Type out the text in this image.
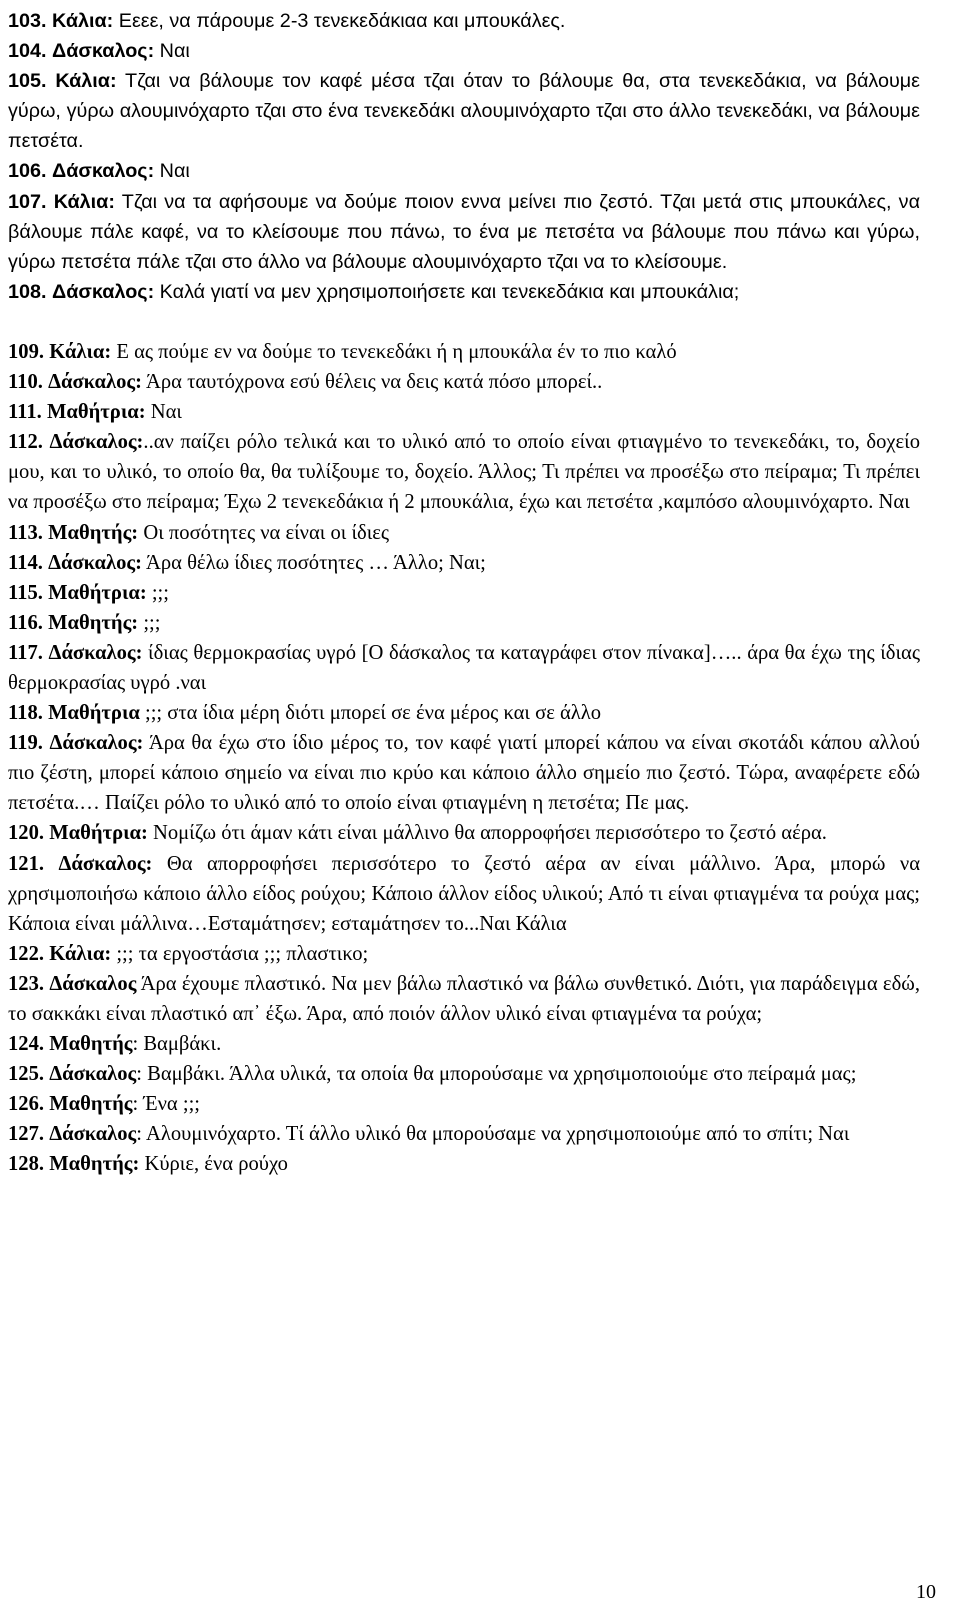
103. Κάλια: Εεεε, να πάρουμε 2-3 τενεκεδάκιαα και μπουκάλες.

104. Δάσκαλος: Ναι

105. Κάλια: Τζαι να βάλουμε τον καφέ μέσα τζαι όταν το βάλουμε θα, στα τενεκεδάκια, να βάλουμε γύρω, γύρω αλουμινόχαρτο τζαι στο ένα τενεκεδάκι αλουμινόχαρτο τζαι στο άλλο τενεκεδάκι, να βάλουμε πετσέτα.

106. Δάσκαλος: Ναι

107. Κάλια: Τζαι να τα αφήσουμε να δούμε ποιον εννα μείνει πιο ζεστό. Τζαι μετά στις μπουκάλες, να βάλουμε πάλε καφέ, να το κλείσουμε που πάνω, το ένα με πετσέτα να βάλουμε που πάνω και γύρω, γύρω πετσέτα πάλε τζαι στο άλλο να βάλουμε αλουμινόχαρτο τζαι να το κλείσουμε.

108. Δάσκαλος: Καλά γιατί να μεν χρησιμοποιήσετε και τενεκεδάκια και μπουκάλια;

109. Κάλια: Ε ας πούμε εν να δούμε το τενεκεδάκι ή η μπουκάλα έν το πιο καλό

110. Δάσκαλος: Άρα ταυτόχρονα εσύ θέλεις να δεις κατά πόσο μπορεί..

111. Μαθήτρια: Ναι

112. Δάσκαλος:..αν παίζει ρόλο τελικά και το υλικό από το οποίο είναι φτιαγμένο το τενεκεδάκι, το, δοχείο μου, και το υλικό, το οποίο θα, θα τυλίξουμε το, δοχείο. Άλλος; Τι πρέπει να προσέξω στο πείραμα; Τι πρέπει να προσέξω στο πείραμα; Έχω 2 τενεκεδάκια ή 2 μπουκάλια, έχω και πετσέτα ,καμπόσο αλουμινόχαρτο. Ναι

113. Μαθητής: Οι ποσότητες να είναι οι ίδιες

114. Δάσκαλος: Άρα θέλω ίδιες ποσότητες … Άλλο; Ναι;

115. Μαθήτρια: ;;;

116. Μαθητής: ;;;

117. Δάσκαλος: ίδιας θερμοκρασίας υγρό [Ο δάσκαλος τα καταγράφει στον πίνακα]….. άρα θα έχω της ίδιας θερμοκρασίας υγρό .ναι

118. Μαθήτρια ;;; στα ίδια μέρη διότι μπορεί σε ένα μέρος και σε άλλο

119. Δάσκαλος: Άρα θα έχω στο ίδιο μέρος το, τον καφέ γιατί μπορεί κάπου να είναι σκοτάδι κάπου αλλού πιο ζέστη, μπορεί κάποιο σημείο να είναι πιο κρύο και κάποιο άλλο σημείο πιο ζεστό. Τώρα, αναφέρετε εδώ πετσέτα.… Παίζει ρόλο το υλικό από το οποίο είναι φτιαγμένη η πετσέτα; Πε μας.

120. Μαθήτρια: Νομίζω ότι άμαν κάτι είναι μάλλινο θα απορροφήσει περισσότερο το ζεστό αέρα.

121. Δάσκαλος: Θα απορροφήσει περισσότερο το ζεστό αέρα αν είναι μάλλινο. Άρα, μπορώ να χρησιμοποιήσω κάποιο άλλο είδος ρούχου; Κάποιο άλλον είδος υλικού; Από τι είναι φτιαγμένα τα ρούχα μας; Κάποια είναι μάλλινα…Εσταμάτησεν; εσταμάτησεν το...Ναι Κάλια

122. Κάλια: ;;; τα εργοστάσια ;;; πλαστικο;

123. Δάσκαλος Άρα έχουμε πλαστικό. Να μεν βάλω πλαστικό να βάλω συνθετικό. Διότι, για παράδειγμα εδώ, το σακκάκι είναι πλαστικό απ᾽ έξω. Άρα, από ποιόν άλλον υλικό είναι φτιαγμένα τα ρούχα;

124. Μαθητής: Βαμβάκι.

125. Δάσκαλος: Βαμβάκι. Άλλα υλικά, τα οποία θα μπορούσαμε να χρησιμοποιούμε στο πείραμά μας;

126. Μαθητής: Ένα ;;;

127. Δάσκαλος: Αλουμινόχαρτο. Τί άλλο υλικό θα μπορούσαμε να χρησιμοποιούμε από το σπίτι; Ναι

128. Μαθητής: Κύριε, ένα ρούχο

10
